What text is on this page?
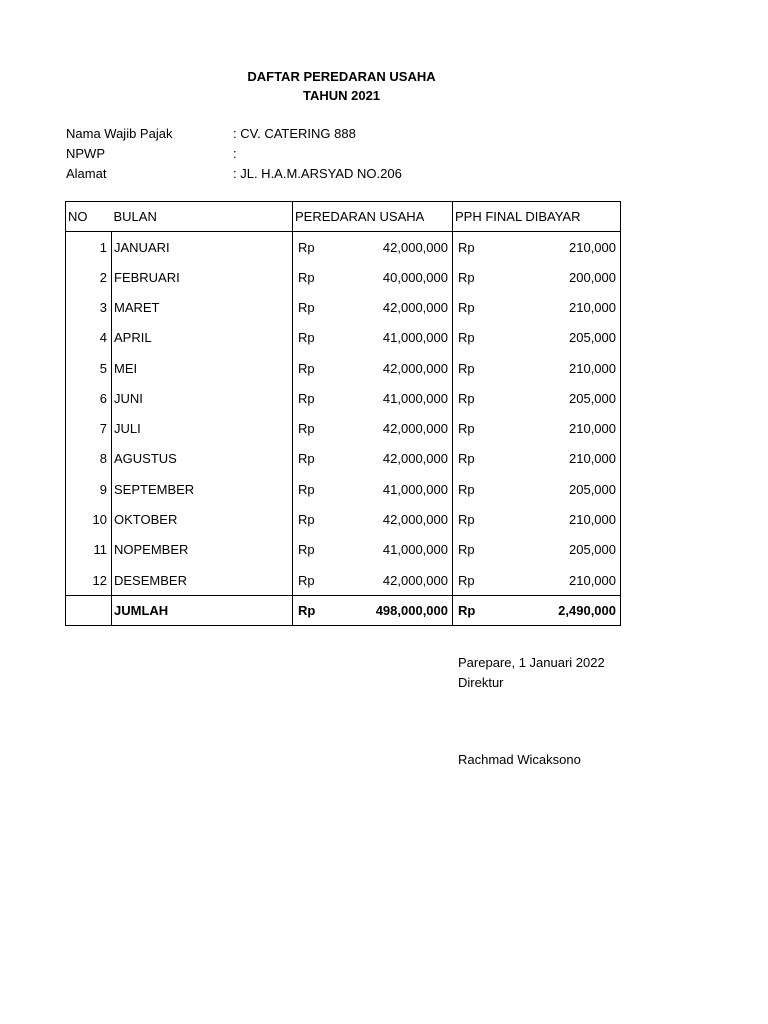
DAFTAR PEREDARAN USAHA
TAHUN 2021
Nama Wajib Pajak	: CV. CATERING 888
NPWP	:
Alamat	: JL. H.A.M.ARSYAD NO.206
NO	BULAN	PEREDARAN USAHA	PPH FINAL DIBAYAR
1	JANUARI	Rp 42,000,000	Rp 210,000

2	FEBRUARI	Rp 40,000,000	Rp 200,000

3	MARET	Rp 42,000,000	Rp 210,000

4	APRIL	Rp 41,000,000	Rp 205,000

5	MEI	Rp 42,000,000	Rp 210,000

6	JUNI	Rp 41,000,000	Rp 205,000

7	JULI	Rp 42,000,000	Rp 210,000

8	AGUSTUS	Rp 42,000,000	Rp 210,000

9	SEPTEMBER	Rp 41,000,000	Rp 205,000

10	OKTOBER	Rp 42,000,000	Rp 210,000

11	NOPEMBER	Rp 41,000,000	Rp 205,000

12	DESEMBER	Rp 42,000,000	Rp 210,000

	JUMLAH	Rp 498,000,000	Rp 2,490,000
Parepare, 1 Januari 2022
Direktur
Rachmad Wicaksono
